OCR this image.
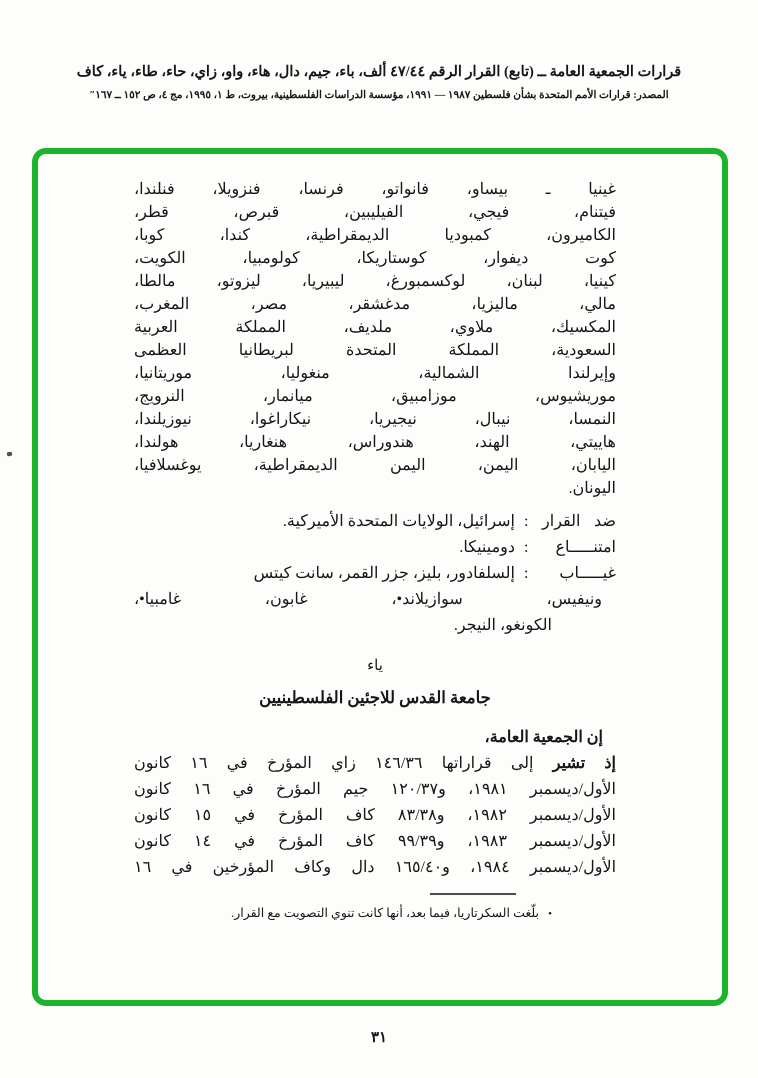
قرارات الجمعية العامة ــ (تابع) القرار الرقم ٤٧/٤٤ ألف، باء، جيم، دال، هاء، واو، زاي، حاء، طاء، ياء، كاف
المصدر: قرارات الأمم المتحدة بشأن فلسطين ١٩٨٧ — ١٩٩١، مؤسسة الدراسات الفلسطينية، بيروت، ط ١، ١٩٩٥، مج ٤، ص ١٥٢ ــ ١٦٧″
غينيا ـ بيساو، فانواتو، فرنسا، فنزويلا، فنلندا،
فيتنام، فيجي، الفيليبين، قبرص، قطر،
الكاميرون، كمبوديا الديمقراطية، كندا، كوبا،
كوت ديفوار، كوستاريكا، كولومبيا، الكويت،
كينيا، لبنان، لوكسمبورغ، ليبيريا، ليزوتو، مالطا،
مالي، ماليزيا، مدغشقر، مصر، المغرب،
المكسيك، ملاوي، ملديف، المملكة العربية
السعودية، المملكة المتحدة لبريطانيا العظمى
وإيرلندا الشمالية، منغوليا، موريتانيا،
موريشيوس، موزامبيق، ميانمار، النرويج،
النمسا، نيبال، نيجيريا، نيكاراغوا، نيوزيلندا،
هاييتي، الهند، هندوراس، هنغاريا، هولندا،
اليابان، اليمن، اليمن الديمقراطية، يوغسلافيا،
اليونان.
ضد القرار :
إسرائيل، الولايات المتحدة الأميركية.
امتنـــــاع :
دومينيكا.
غيـــــاب :
إلسلفادور، بليز، جزر القمر، سانت كيتس
ونيفيس، سوازيلاند•، غابون، غامبيا•،
الكونغو، النيجر.
ياء
جامعة القدس للاجئين الفلسطينيين
إن الجمعية العامة،
إذ تشير إلى قراراتها ١٤٦/٣٦ زاي المؤرخ في ١٦ كانون
الأول/ديسمبر ١٩٨١، و١٢٠/٣٧ جيم المؤرخ في ١٦ كانون
الأول/ديسمبر ١٩٨٢، و٨٣/٣٨ كاف المؤرخ في ١٥ كانون
الأول/ديسمبر ١٩٨٣، و٩٩/٣٩ كاف المؤرخ في ١٤ كانون
الأول/ديسمبر ١٩٨٤، و١٦٥/٤٠ دال وكاف المؤرخين في ١٦
• بلّغت السكرتاريا، فيما بعد، أنها كانت تنوي التصويت مع القرار.
٣١
